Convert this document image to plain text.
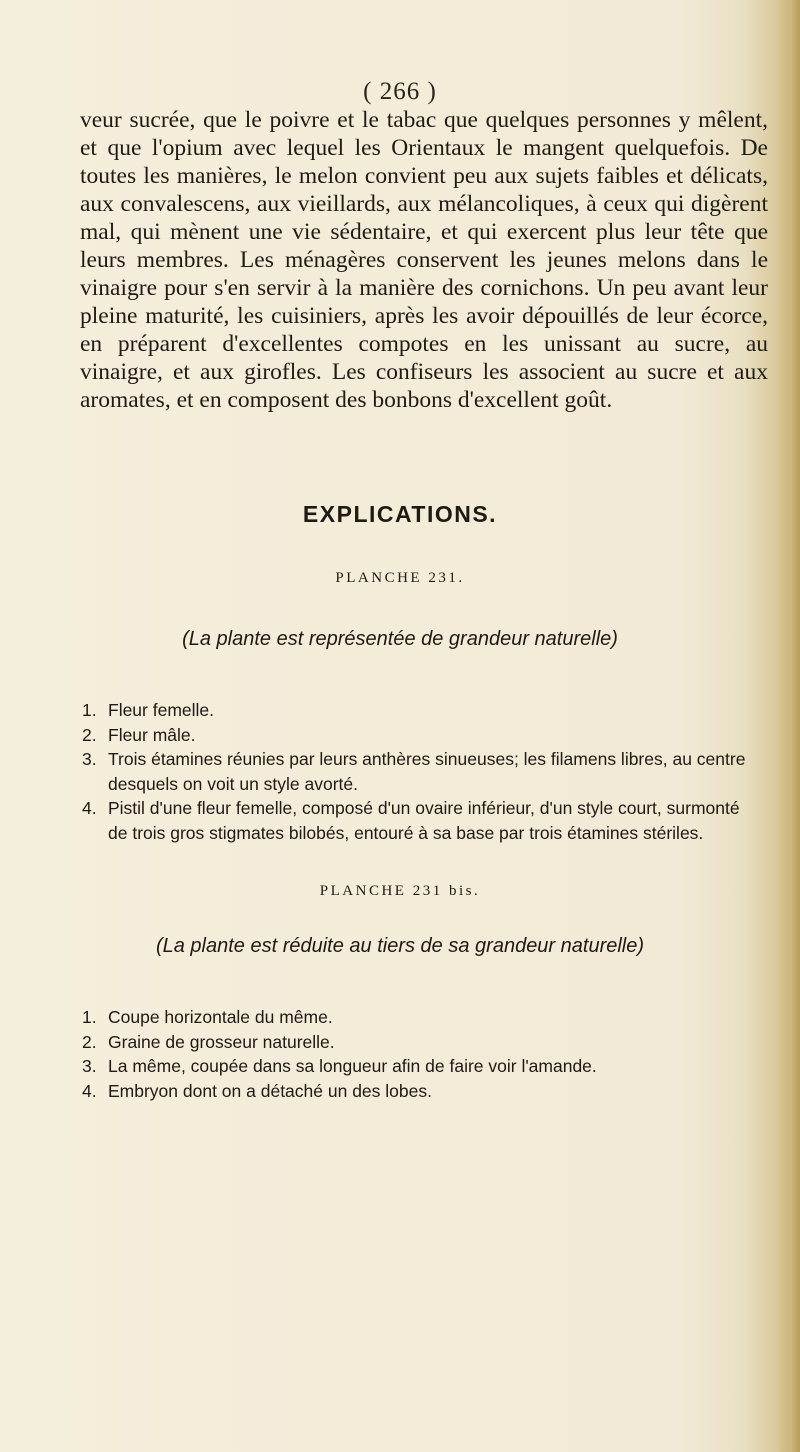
( 266 )

veur sucrée, que le poivre et le tabac que quelques personnes y mêlent, et que l'opium avec lequel les Orientaux le mangent quelquefois. De toutes les manières, le melon convient peu aux sujets faibles et délicats, aux convalescens, aux vieillards, aux mélancoliques, à ceux qui digèrent mal, qui mènent une vie sédentaire, et qui exercent plus leur tête que leurs membres. Les ménagères conservent les jeunes melons dans le vinaigre pour s'en servir à la manière des cornichons. Un peu avant leur pleine maturité, les cuisiniers, après les avoir dépouillés de leur écorce, en préparent d'excellentes compotes en les unissant au sucre, au vinaigre, et aux girofles. Les confiseurs les associent au sucre et aux aromates, et en composent des bonbons d'excellent goût.

EXPLICATIONS.
PLANCHE 231.
(La plante est représentée de grandeur naturelle)
1. Fleur femelle.
2. Fleur mâle.
3. Trois étamines réunies par leurs anthères sinueuses; les filamens libres, au centre desquels on voit un style avorté.
4. Pistil d'une fleur femelle, composé d'un ovaire inférieur, d'un style court, surmonté de trois gros stigmates bilobés, entouré à sa base par trois étamines stériles.
PLANCHE 231 bis.
(La plante est réduite au tiers de sa grandeur naturelle)
1. Coupe horizontale du même.
2. Graine de grosseur naturelle.
3. La même, coupée dans sa longueur afin de faire voir l'amande.
4. Embryon dont on a détaché un des lobes.
